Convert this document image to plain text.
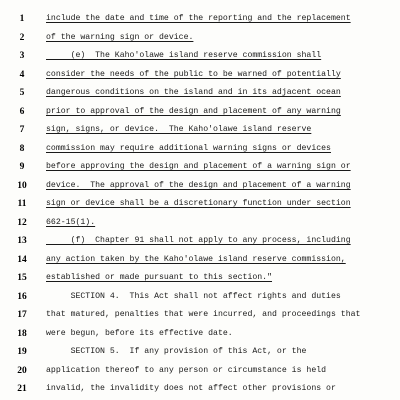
1	include the date and time of the reporting and the replacement
2	of the warning sign or device.
3	(e)  The Kaho'olawe island reserve commission shall
4	consider the needs of the public to be warned of potentially
5	dangerous conditions on the island and in its adjacent ocean
6	prior to approval of the design and placement of any warning
7	sign, signs, or device.  The Kaho'olawe island reserve
8	commission may require additional warning signs or devices
9	before approving the design and placement of a warning sign or
10	device.  The approval of the design and placement of a warning
11	sign or device shall be a discretionary function under section
12	662-15(1).
13	(f)  Chapter 91 shall not apply to any process, including
14	any action taken by the Kaho'olawe island reserve commission,
15	established or made pursuant to this section."
16	SECTION 4.  This Act shall not affect rights and duties
17	that matured, penalties that were incurred, and proceedings that
18	were begun, before its effective date.
19	SECTION 5.  If any provision of this Act, or the
20	application thereof to any person or circumstance is held
21	invalid, the invalidity does not affect other provisions or
